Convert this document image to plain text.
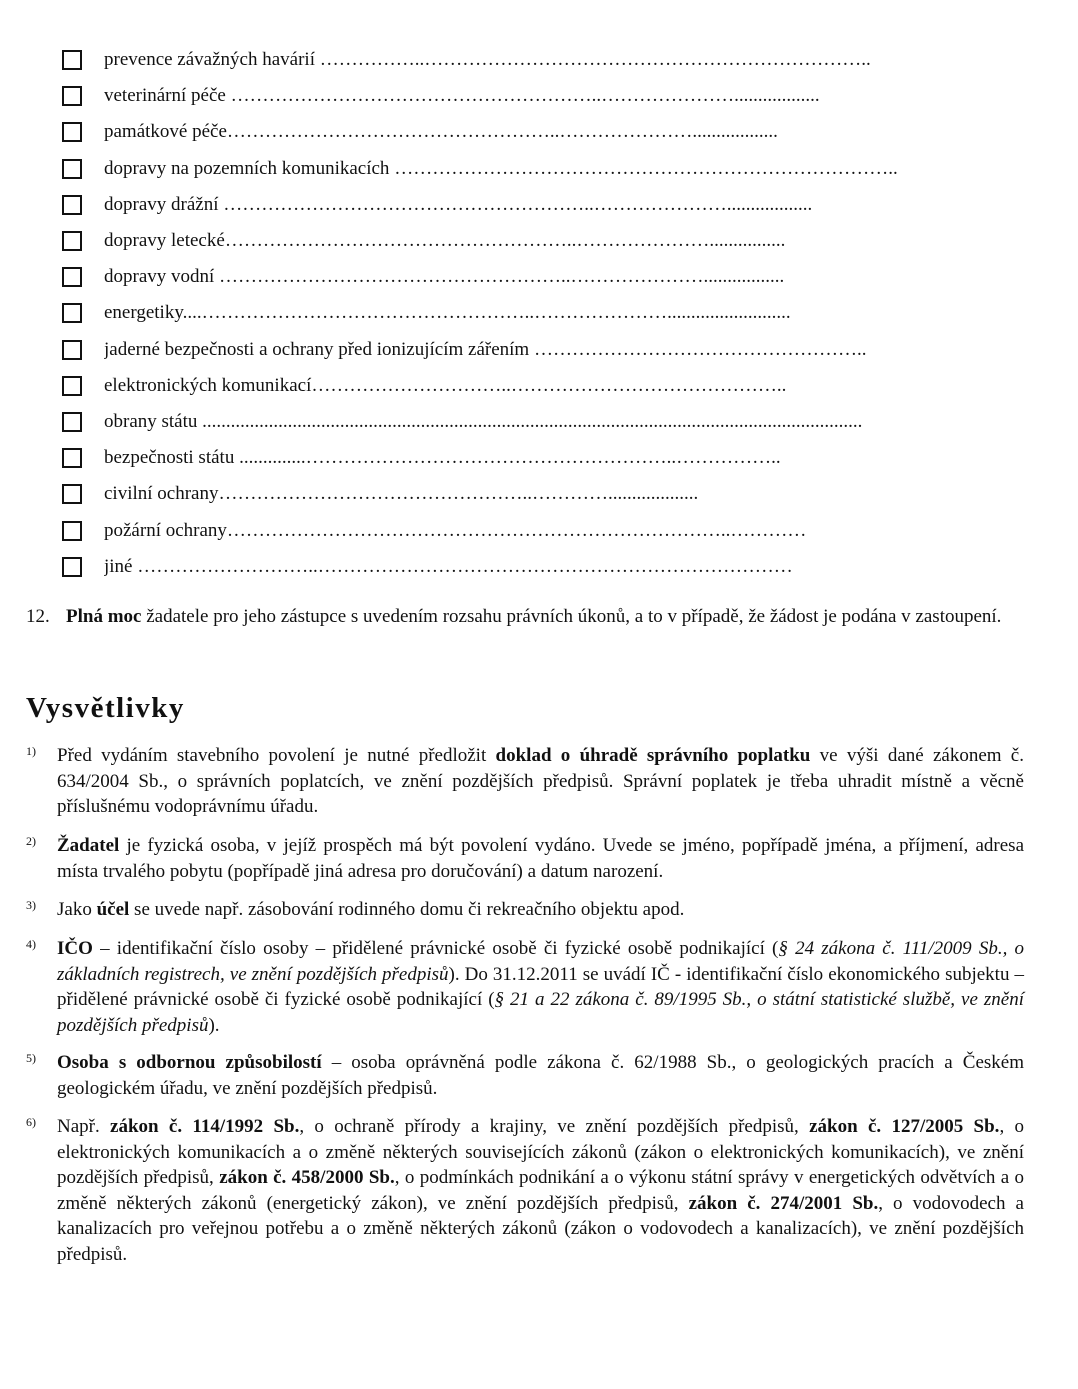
prevence závažných havárií ……………..……………………………………………………………..
veterinární péče …………………………………………………..…………………..................
památkové péče……………………………………………..…………………..................
dopravy na pozemních komunikacích ……………………………………………………………………..
dopravy drážní …………………………………………………..…………………..................
dopravy letecké………………………………………………..…………………................
dopravy vodní ………………………………………………..………………….................
energetiky....……………………………………………..…………………..........................
jaderné bezpečnosti a ochrany před ionizujícím zářením ……………………………………………..
elektronických komunikací…………………………..……………………………………..
obrany státu ...........................................................................................................................................
bezpečnosti státu ..............…………………………………………………..……………..
civilní ochrany…………………………………………..…………...................
požární ochrany……………………………………………………………………..…………
jiné ………………………..…………………………………………………………………
12. Plná moc žadatele pro jeho zástupce s uvedením rozsahu právních úkonů, a to v případě, že žádost je podána v zastoupení.
Vysvětlivky
1) Před vydáním stavebního povolení je nutné předložit doklad o úhradě správního poplatku ve výši dané zákonem č. 634/2004 Sb., o správních poplatcích, ve znění pozdějších předpisů. Správní poplatek je třeba uhradit místně a věcně příslušnému vodoprávnímu úřadu.
2) Žadatel je fyzická osoba, v jejíž prospěch má být povolení vydáno. Uvede se jméno, popřípadě jména, a příjmení, adresa místa trvalého pobytu (popřípadě jiná adresa pro doručování) a datum narození.
3) Jako účel se uvede např. zásobování rodinného domu či rekreačního objektu apod.
4) IČO – identifikační číslo osoby – přidělené právnické osobě či fyzické osobě podnikající (§ 24 zákona č. 111/2009 Sb., o základních registrech, ve znění pozdějších předpisů). Do 31.12.2011 se uvádí IČ - identifikační číslo ekonomického subjektu – přidělené právnické osobě či fyzické osobě podnikající (§ 21 a 22 zákona č. 89/1995 Sb., o státní statistické službě, ve znění pozdějších předpisů).
5) Osoba s odbornou způsobilostí – osoba oprávněná podle zákona č. 62/1988 Sb., o geologických pracích a Českém geologickém úřadu, ve znění pozdějších předpisů.
6) Např. zákon č. 114/1992 Sb., o ochraně přírody a krajiny, ve znění pozdějších předpisů, zákon č. 127/2005 Sb., o elektronických komunikacích a o změně některých souvisejících zákonů (zákon o elektronických komunikacích), ve znění pozdějších předpisů, zákon č. 458/2000 Sb., o podmínkách podnikání a o výkonu státní správy v energetických odvětvích a o změně některých zákonů (energetický zákon), ve znění pozdějších předpisů, zákon č. 274/2001 Sb., o vodovodech a kanalizacích pro veřejnou potřebu a o změně některých zákonů (zákon o vodovodech a kanalizacích), ve znění pozdějších předpisů.
